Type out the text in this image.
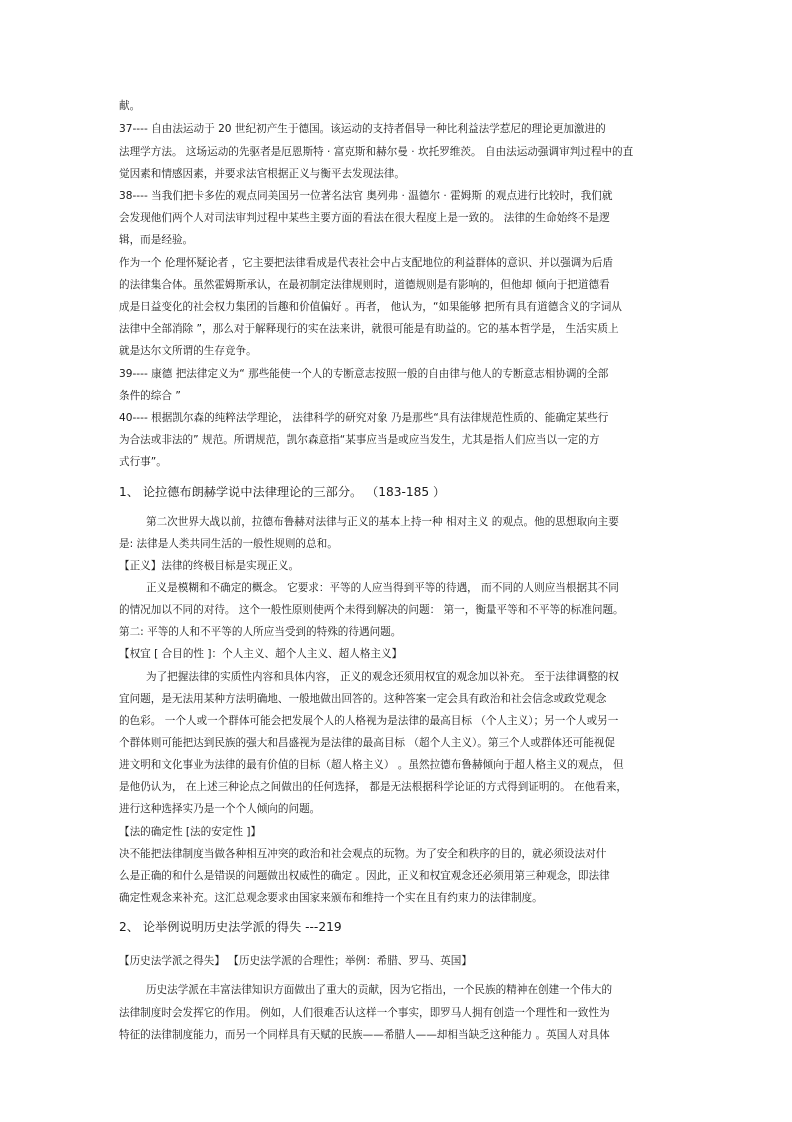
献。
37---- 自由法运动于 20 世纪初产生于德国。该运动的支持者倡导一种比利益法学惹尼的理论更加激进的
法理学方法。 这场运动的先驱者是厄恩斯特 · 富克斯和赫尔曼 · 坎托罗维茨。 自由法运动强调审判过程中的直
觉因素和情感因素，并要求法官根据正义与衡平去发现法律。
38---- 当我们把卡多佐的观点同美国另一位著名法官 奥列弗 · 温德尔 · 霍姆斯 的观点进行比较时，我们就
会发现他们两个人对司法审判过程中某些主要方面的看法在很大程度上是一致的。 法律的生命始终不是逻
辑，而是经验。
作为一个 伦理怀疑论者 ，它主要把法律看成是代表社会中占支配地位的利益群体的意识、并以强调为后盾
的法律集合体。虽然霍姆斯承认，在最初制定法律规则时，道德规则是有影响的，但他却 倾向于把道德看
成是日益变化的社会权力集团的旨趣和价值偏好 。再者， 他认为，“如果能够 把所有具有道德含义的字词从
法律中全部消除 ”，那么对于解释现行的实在法来讲，就很可能是有助益的。它的基本哲学是， 生活实质上
就是达尔文所谓的生存竞争。
39---- 康德 把法律定义为“ 那些能使一个人的专断意志按照一般的自由律与他人的专断意志相协调的全部
条件的综合 ”
40---- 根据凯尔森的纯粹法学理论， 法律科学的研究对象 乃是那些“具有法律规范性质的、能确定某些行
为合法或非法的” 规范。所谓规范，凯尔森意指“某事应当是或应当发生，尤其是指人们应当以一定的方
式行事”。
1、 论拉德布朗赫学说中法律理论的三部分。 （183-185 ）
第二次世界大战以前，拉德布鲁赫对法律与正义的基本上持一种 相对主义 的观点。他的思想取向主要
是: 法律是人类共同生活的一般性规则的总和。
【正义】法律的终极目标是实现正义。
正义是模糊和不确定的概念。 它要求：平等的人应当得到平等的待遇， 而不同的人则应当根据其不同
的情况加以不同的对待。 这个一般性原则使两个未得到解决的问题： 第一，衡量平等和不平等的标准问题。
第二: 平等的人和不平等的人所应当受到的特殊的待遇问题。
【权宜 [ 合目的性 ]：个人主义、超个人主义、超人格主义】
为了把握法律的实质性内容和具体内容， 正义的观念还须用权宜的观念加以补充。 至于法律调整的权
宜问题，是无法用某种方法明确地、一般地做出回答的。这种答案一定会具有政治和社会信念或政党观念
的色彩。 一个人或一个群体可能会把发展个人的人格视为是法律的最高目标 （个人主义）；另一个人或另一
个群体则可能把达到民族的强大和昌盛视为是法律的最高目标 （超个人主义）。第三个人或群体还可能视促
进文明和文化事业为法律的最有价值的目标（超人格主义） 。虽然拉德布鲁赫倾向于超人格主义的观点， 但
是他仍认为， 在上述三种论点之间做出的任何选择， 都是无法根据科学论证的方式得到证明的。 在他看来，
进行这种选择实乃是一个个人倾向的问题。
【法的确定性 [法的安定性 ]】
决不能把法律制度当做各种相互冲突的政治和社会观点的玩物。为了安全和秩序的目的，就必须设法对什
么是正确的和什么是错误的问题做出权威性的确定 。因此，正义和权宜观念还必须用第三种观念，即法律
确定性观念来补充。这汇总观念要求由国家来颁布和维持一个实在且有约束力的法律制度。
2、 论举例说明历史法学派的得失 ---219
【历史法学派之得失】 【历史法学派的合理性；举例：希腊、罗马、英国】
历史法学派在丰富法律知识方面做出了重大的贡献，因为它指出，一个民族的精神在创建一个伟大的
法律制度时会发挥它的作用。 例如，人们很难否认这样一个事实，即罗马人拥有创造一个理性和一致性为
特征的法律制度能力，而另一个同样具有天赋的民族——希腊人——却相当缺乏这种能力 。英国人对具体
